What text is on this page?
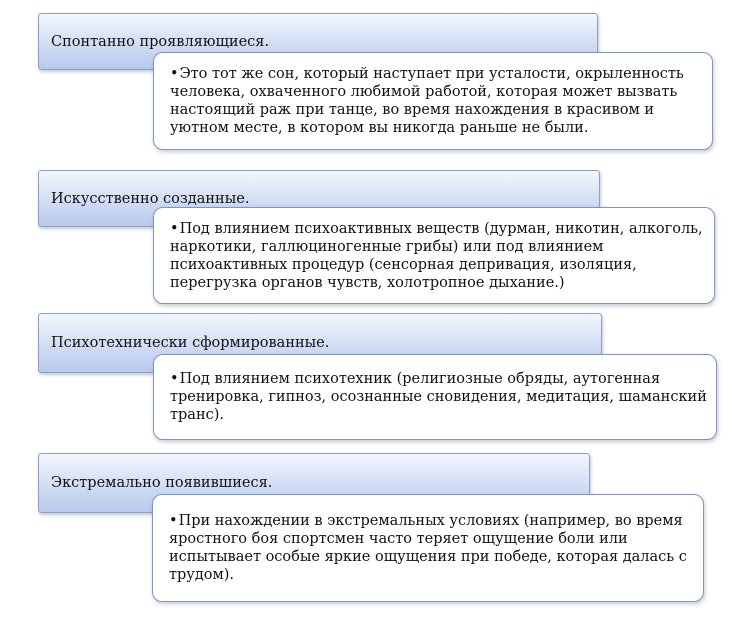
Спонтанно проявляющиеся.
•Это тот же сон, который наступает при усталости, окрыленность человека, охваченного любимой работой, которая может вызвать настоящий раж при танце, во время нахождения в красивом и уютном месте, в котором вы никогда раньше не были.
Искусственно созданные.
•Под влиянием психоактивных веществ (дурман, никотин, алкоголь, наркотики, галлюциногенные грибы) или под влиянием психоактивных процедур (сенсорная депривация, изоляция, перегрузка органов чувств, холотропное дыхание.)
Психотехнически сформированные.
•Под влиянием психотехник (религиозные обряды, аутогенная тренировка, гипноз, осознанные сновидения, медитация, шаманский транс).
Экстремально появившиеся.
•При нахождении в экстремальных условиях (например, во время яростного боя спортсмен часто теряет ощущение боли или испытывает особые яркие ощущения при победе, которая далась с трудом).
